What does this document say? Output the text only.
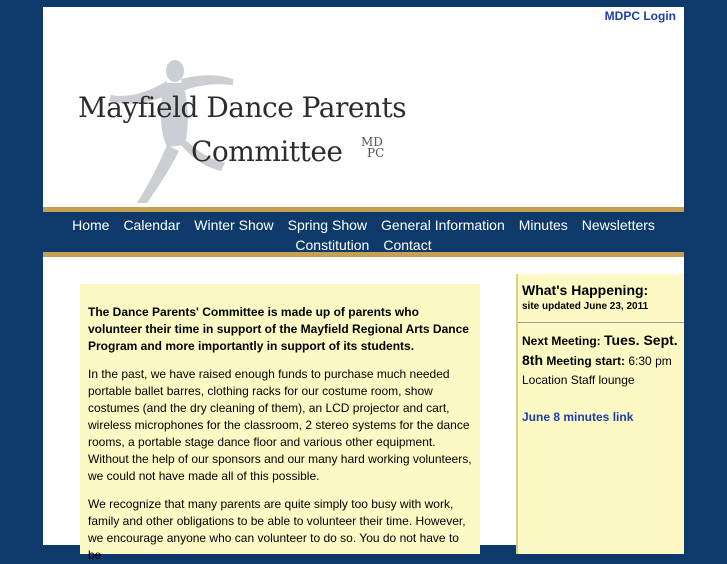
MDPC Login
Mayfield Dance Parents
Committee MD
PC
Home Calendar Winter Show Spring Show General Information Minutes Newsletters
Constitution Contact

The Dance Parents' Committee is made up of parents who volunteer their time in support of the Mayfield Regional Arts Dance Program and more importantly in support of its students.

In the past, we have raised enough funds to purchase much needed portable ballet barres, clothing racks for our costume room, show costumes (and the dry cleaning of them), an LCD projector and cart, wireless microphones for the classroom, 2 stereo systems for the dance rooms, a portable stage dance floor and various other equipment. Without the help of our sponsors and our many hard working volunteers, we could not have made all of this possible.

We recognize that many parents are quite simply too busy with work, family and other obligations to be able to volunteer their time. However, we encourage anyone who can volunteer to do so. You do not have to be

What's Happening:
site updated June 23, 2011
Next Meeting: Tues. Sept. 8th Meeting start: 6:30 pm
Location Staff lounge
June 8 minutes link
